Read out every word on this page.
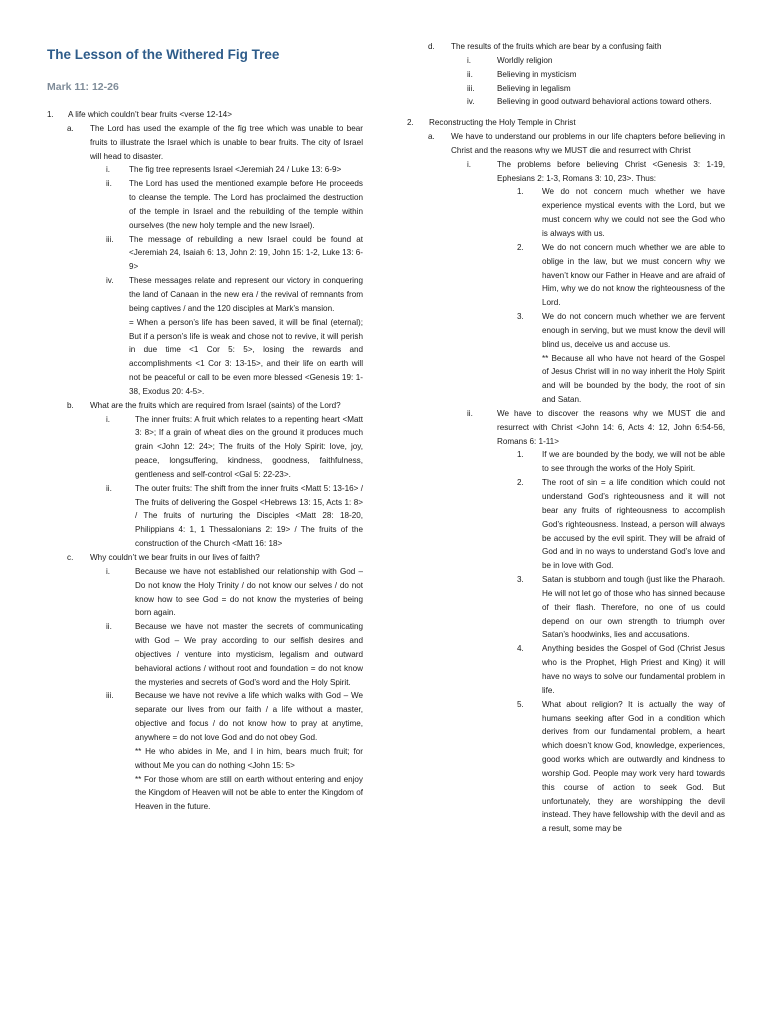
The Lesson of the Withered Fig Tree
Mark 11: 12-26
1.	A life which couldn’t bear fruits <verse 12-14>
a.	The Lord has used the example of the fig tree which was unable to bear fruits to illustrate the Israel which is unable to bear fruits. The city of Israel will head to disaster.
i.	The fig tree represents Israel <Jeremiah 24 / Luke 13: 6-9>
ii.	The Lord has used the mentioned example before He proceeds to cleanse the temple. The Lord has proclaimed the destruction of the temple in Israel and the rebuilding of the temple within ourselves (the new holy temple and the new Israel).
iii.	The message of rebuilding a new Israel could be found at <Jeremiah 24, Isaiah 6: 13, John 2: 19, John 15: 1-2, Luke 13: 6-9>
iv.	These messages relate and represent our victory in conquering the land of Canaan in the new era / the revival of remnants from being captives / and the 120 disciples at Mark’s mansion.
= When a person’s life has been saved, it will be final (eternal); But if a person’s life is weak and chose not to revive, it will perish in due time <1 Cor 5: 5>, losing the rewards and accomplishments <1 Cor 3: 13-15>, and their life on earth will not be peaceful or call to be even more blessed <Genesis 19: 1-38, Exodus 20: 4-5>.
b.	What are the fruits which are required from Israel (saints) of the Lord?
i.	The inner fruits: A fruit which relates to a repenting heart <Matt 3: 8>; If a grain of wheat dies on the ground it produces much grain <John 12: 24>; The fruits of the Holy Spirit: love, joy, peace, longsuffering, kindness, goodness, faithfulness, gentleness and self-control <Gal 5: 22-23>.
ii.	The outer fruits: The shift from the inner fruits <Matt 5: 13-16> / The fruits of delivering the Gospel <Hebrews 13: 15, Acts 1: 8> / The fruits of nurturing the Disciples <Matt 28: 18-20, Philippians 4: 1, 1 Thessalonians 2: 19> / The fruits of the construction of the Church <Matt 16: 18>
c.	Why couldn’t we bear fruits in our lives of faith?
i.	Because we have not established our relationship with God – Do not know the Holy Trinity / do not know our selves / do not know how to see God = do not know the mysteries of being born again.
ii.	Because we have not master the secrets of communicating with God – We pray according to our selfish desires and objectives / venture into mysticism, legalism and outward behavioral actions / without root and foundation = do not know the mysteries and secrets of God’s word and the Holy Spirit.
iii.	Because we have not revive a life which walks with God – We separate our lives from our faith / a life without a master, objective and focus / do not know how to pray at anytime, anywhere = do not love God and do not obey God.
** He who abides in Me, and I in him, bears much fruit; for without Me you can do nothing <John 15: 5>
** For those whom are still on earth without entering and enjoy the Kingdom of Heaven will not be able to enter the Kingdom of Heaven in the future.
d.	The results of the fruits which are bear by a confusing faith
i.	Worldly religion
ii.	Believing in mysticism
iii.	Believing in legalism
iv.	Believing in good outward behavioral actions toward others.
2.	Reconstructing the Holy Temple in Christ
a.	We have to understand our problems in our life chapters before believing in Christ and the reasons why we MUST die and resurrect with Christ
i.	The problems before believing Christ <Genesis 3: 1-19, Ephesians 2: 1-3, Romans 3: 10, 23>. Thus:
1.	We do not concern much whether we have experience mystical events with the Lord, but we must concern why we could not see the God who is always with us.
2.	We do not concern much whether we are able to oblige in the law, but we must concern why we haven’t know our Father in Heave and are afraid of Him, why we do not know the righteousness of the Lord.
3.	We do not concern much whether we are fervent enough in serving, but we must know the devil will blind us, deceive us and accuse us.
** Because all who have not heard of the Gospel of Jesus Christ will in no way inherit the Holy Spirit and will be bounded by the body, the root of sin and Satan.
ii.	We have to discover the reasons why we MUST die and resurrect with Christ <John 14: 6, Acts 4: 12, John 6:54-56, Romans 6: 1-11>
1.	If we are bounded by the body, we will not be able to see through the works of the Holy Spirit.
2.	The root of sin = a life condition which could not understand God’s righteousness and it will not bear any fruits of righteousness to accomplish God’s righteousness. Instead, a person will always be accused by the evil spirit. They will be afraid of God and in no ways to understand God’s love and be in love with God.
3.	Satan is stubborn and tough (just like the Pharaoh. He will not let go of those who has sinned because of their flash. Therefore, no one of us could depend on our own strength to triumph over Satan’s hoodwinks, lies and accusations.
4.	Anything besides the Gospel of God (Christ Jesus who is the Prophet, High Priest and King) it will have no ways to solve our fundamental problem in life.
5.	What about religion? It is actually the way of humans seeking after God in a condition which derives from our fundamental problem, a heart which doesn’t know God, knowledge, experiences, good works which are outwardly and kindness to worship God. People may work very hard towards this course of action to seek God. But unfortunately, they are worshipping the devil instead. They have fellowship with the devil and as a result, some may be
